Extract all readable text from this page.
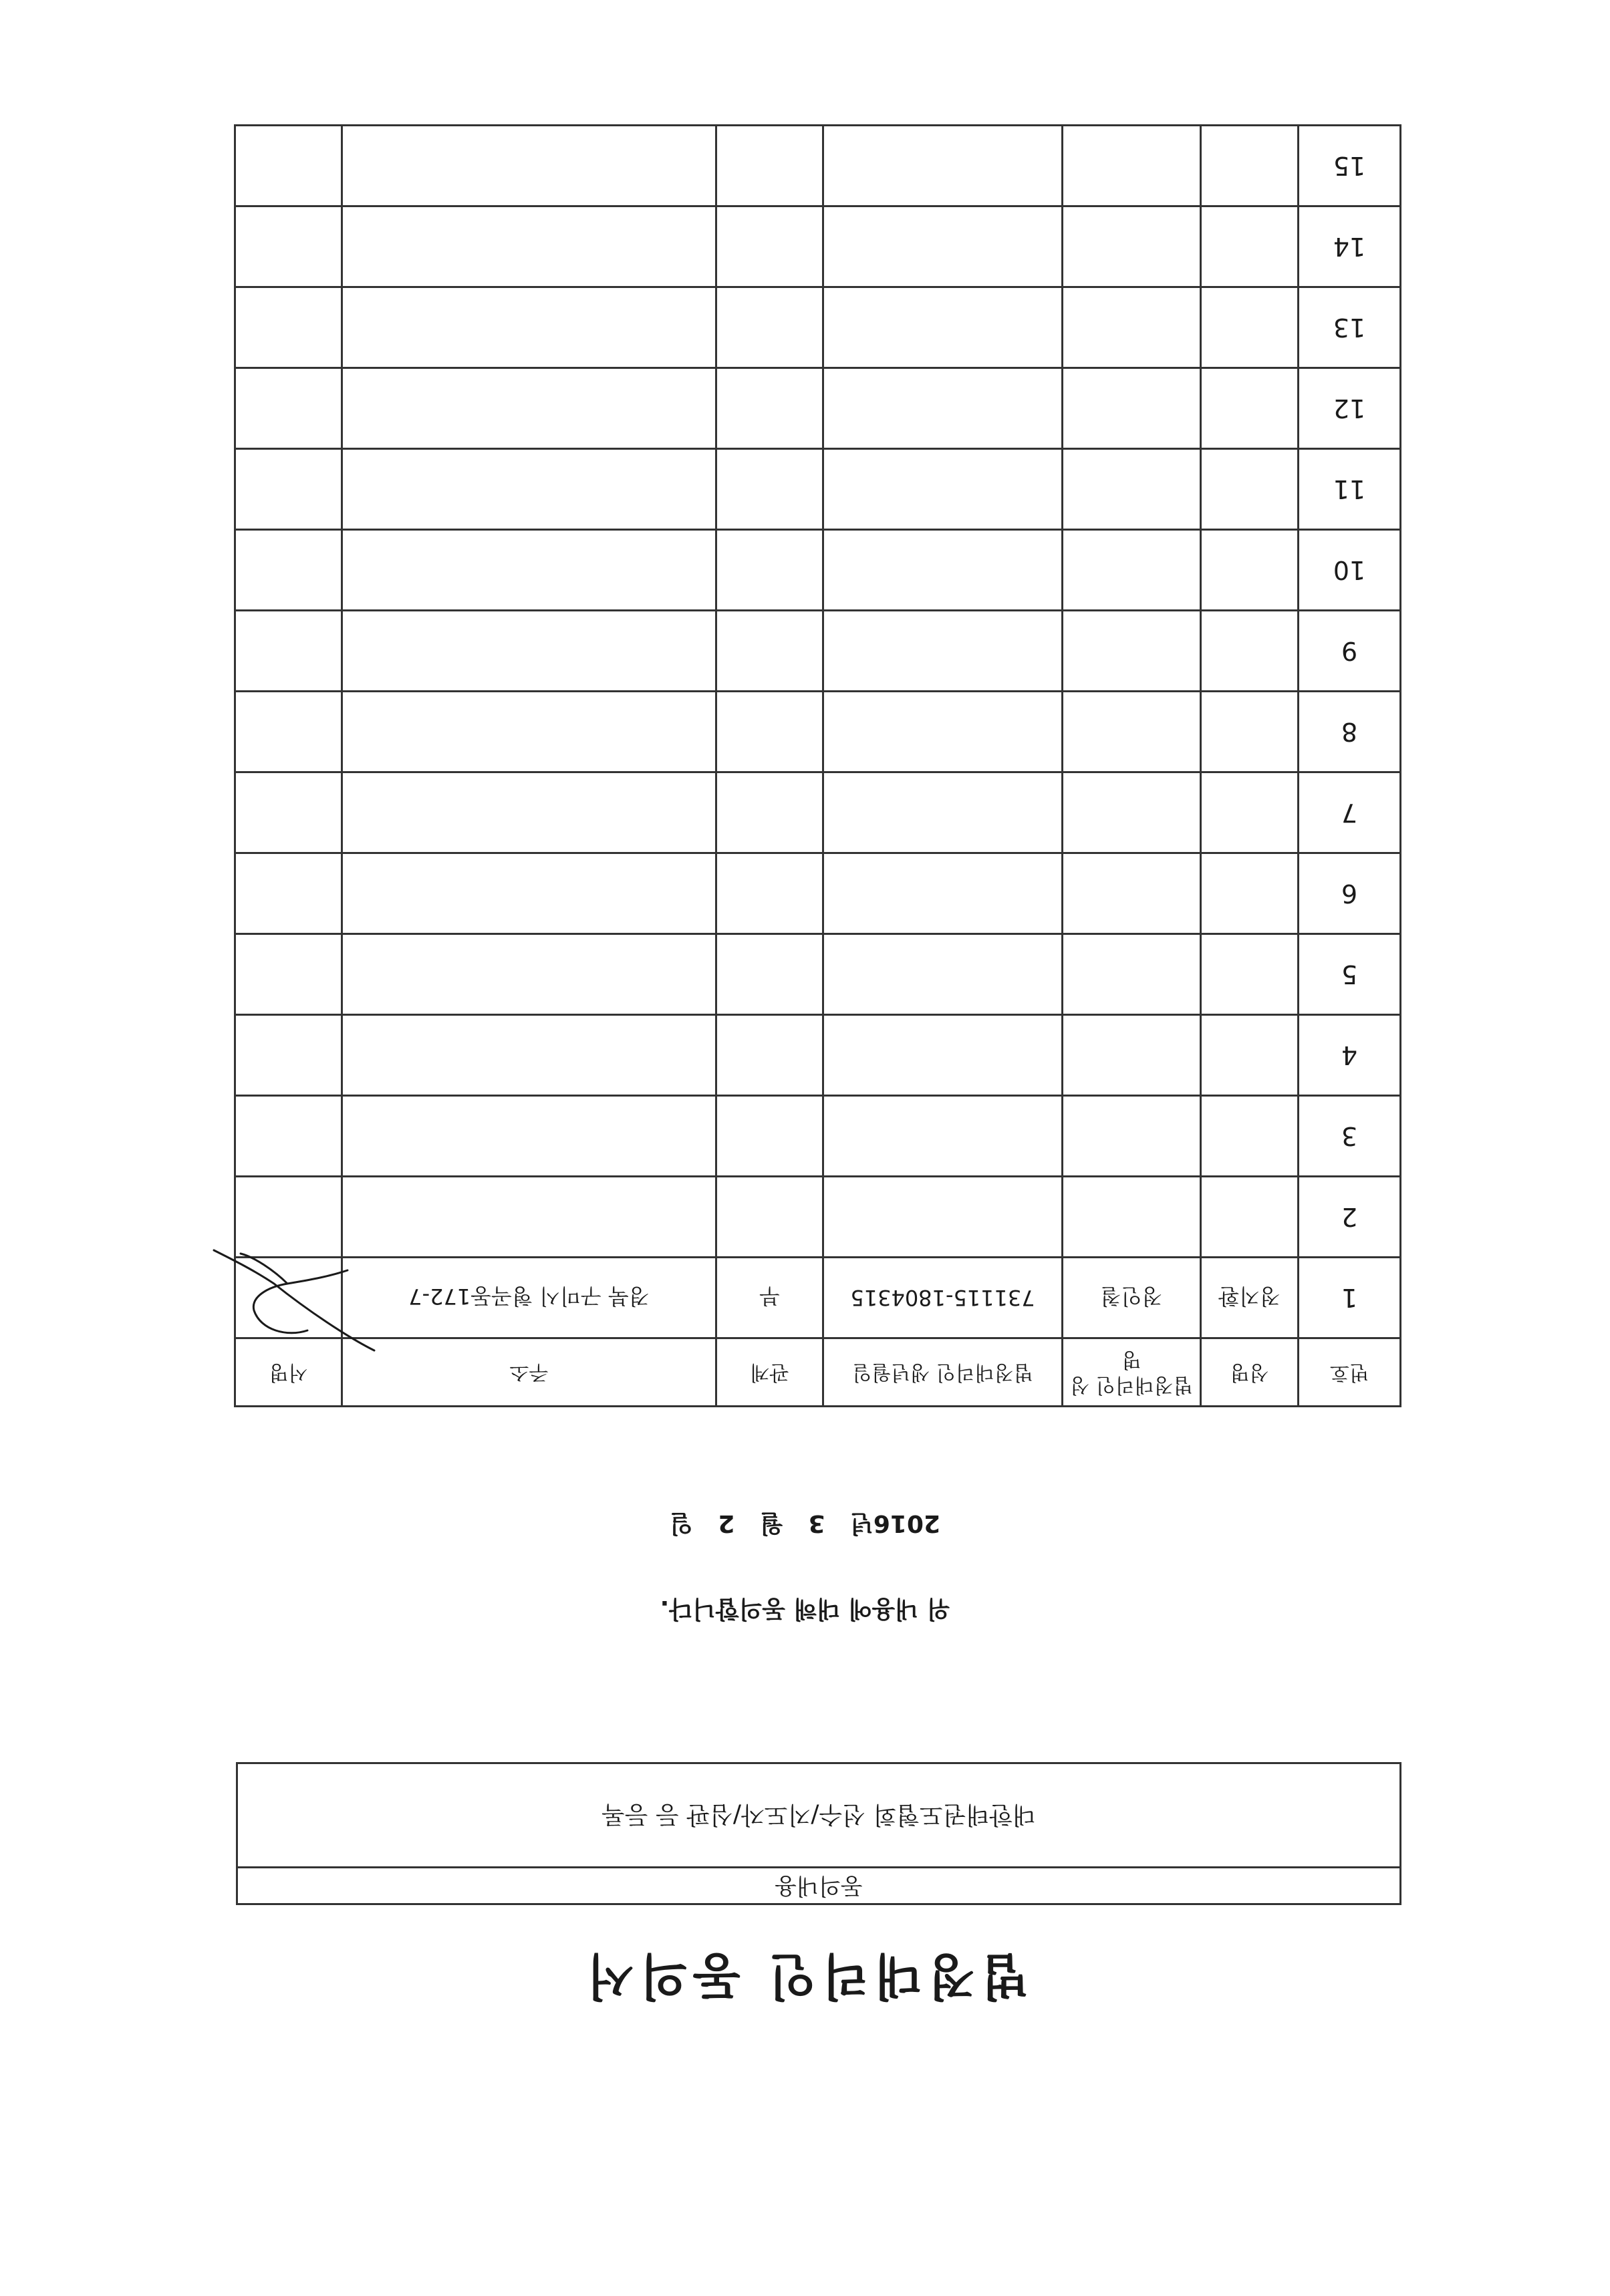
법정대리인 동의서
동의내용
대한태권도협회 선수/지도자/심판 등 등록

위 내용에 대해 동의합니다.

2016년   3   월   2   일

번호	성명	법정대리인 성명	법정대리인 생년월일	관계	주소	서명
1	정지환	정인철	731115-1804315	부	경북 구미시 형곡동172-7	

2						
3						
4						
5						
6						
7						
8						
9						
10						
11						
12						
13						
14						
15						
